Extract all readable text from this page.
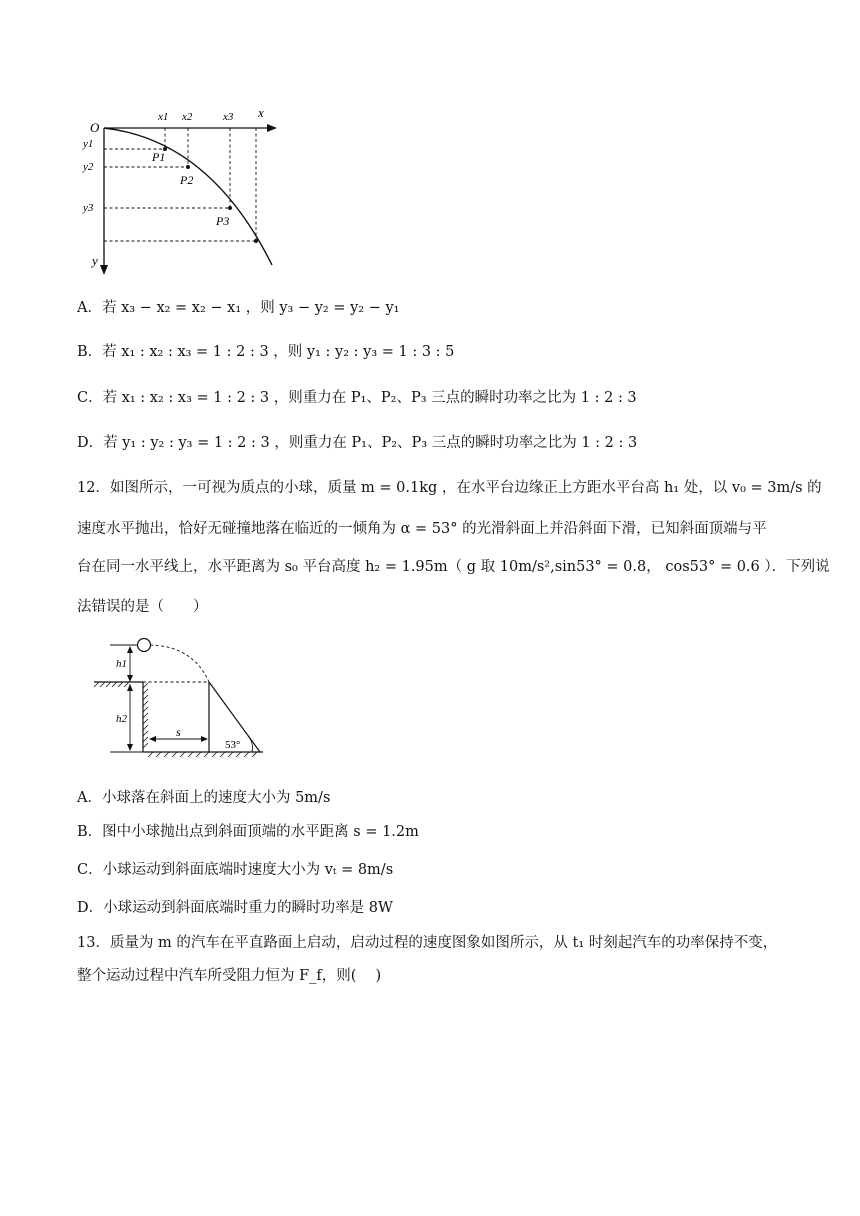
O
x
y
x1 x2	x3
y1
y2
y3
P1
P2
P3
A．若 x₃ − x₂ = x₂ − x₁ ，则 y₃ − y₂ = y₂ − y₁
B．若 x₁ : x₂ : x₃ = 1 : 2 : 3 ，则 y₁ : y₂ : y₃ = 1 : 3 : 5
C．若 x₁ : x₂ : x₃ = 1 : 2 : 3 ，则重力在 P₁、P₂、P₃ 三点的瞬时功率之比为 1 : 2 : 3
D．若 y₁ : y₂ : y₃ = 1 : 2 : 3 ，则重力在 P₁、P₂、P₃ 三点的瞬时功率之比为 1 : 2 : 3
12．如图所示，一可视为质点的小球，质量 m = 0.1kg ，在水平台边缘正上方距水平台高 h₁ 处，以 v₀ = 3m/s 的
速度水平抛出，恰好无碰撞地落在临近的一倾角为 α = 53° 的光滑斜面上并沿斜面下滑，已知斜面顶端与平
台在同一水平线上，水平距离为 s₀ 平台高度 h₂ = 1.95m（ g 取 10m/s²,sin53° = 0.8， cos53° = 0.6 ）．下列说
法错误的是（　　）
h1
h2
s
53°
A．小球落在斜面上的速度大小为 5m/s
B．图中小球抛出点到斜面顶端的水平距离 s = 1.2m
C．小球运动到斜面底端时速度大小为 vₜ = 8m/s
D．小球运动到斜面底端时重力的瞬时功率是 8W
13．质量为 m 的汽车在平直路面上启动，启动过程的速度图象如图所示，从 t₁ 时刻起汽车的功率保持不变，
整个运动过程中汽车所受阻力恒为 F_f，则(　 )
